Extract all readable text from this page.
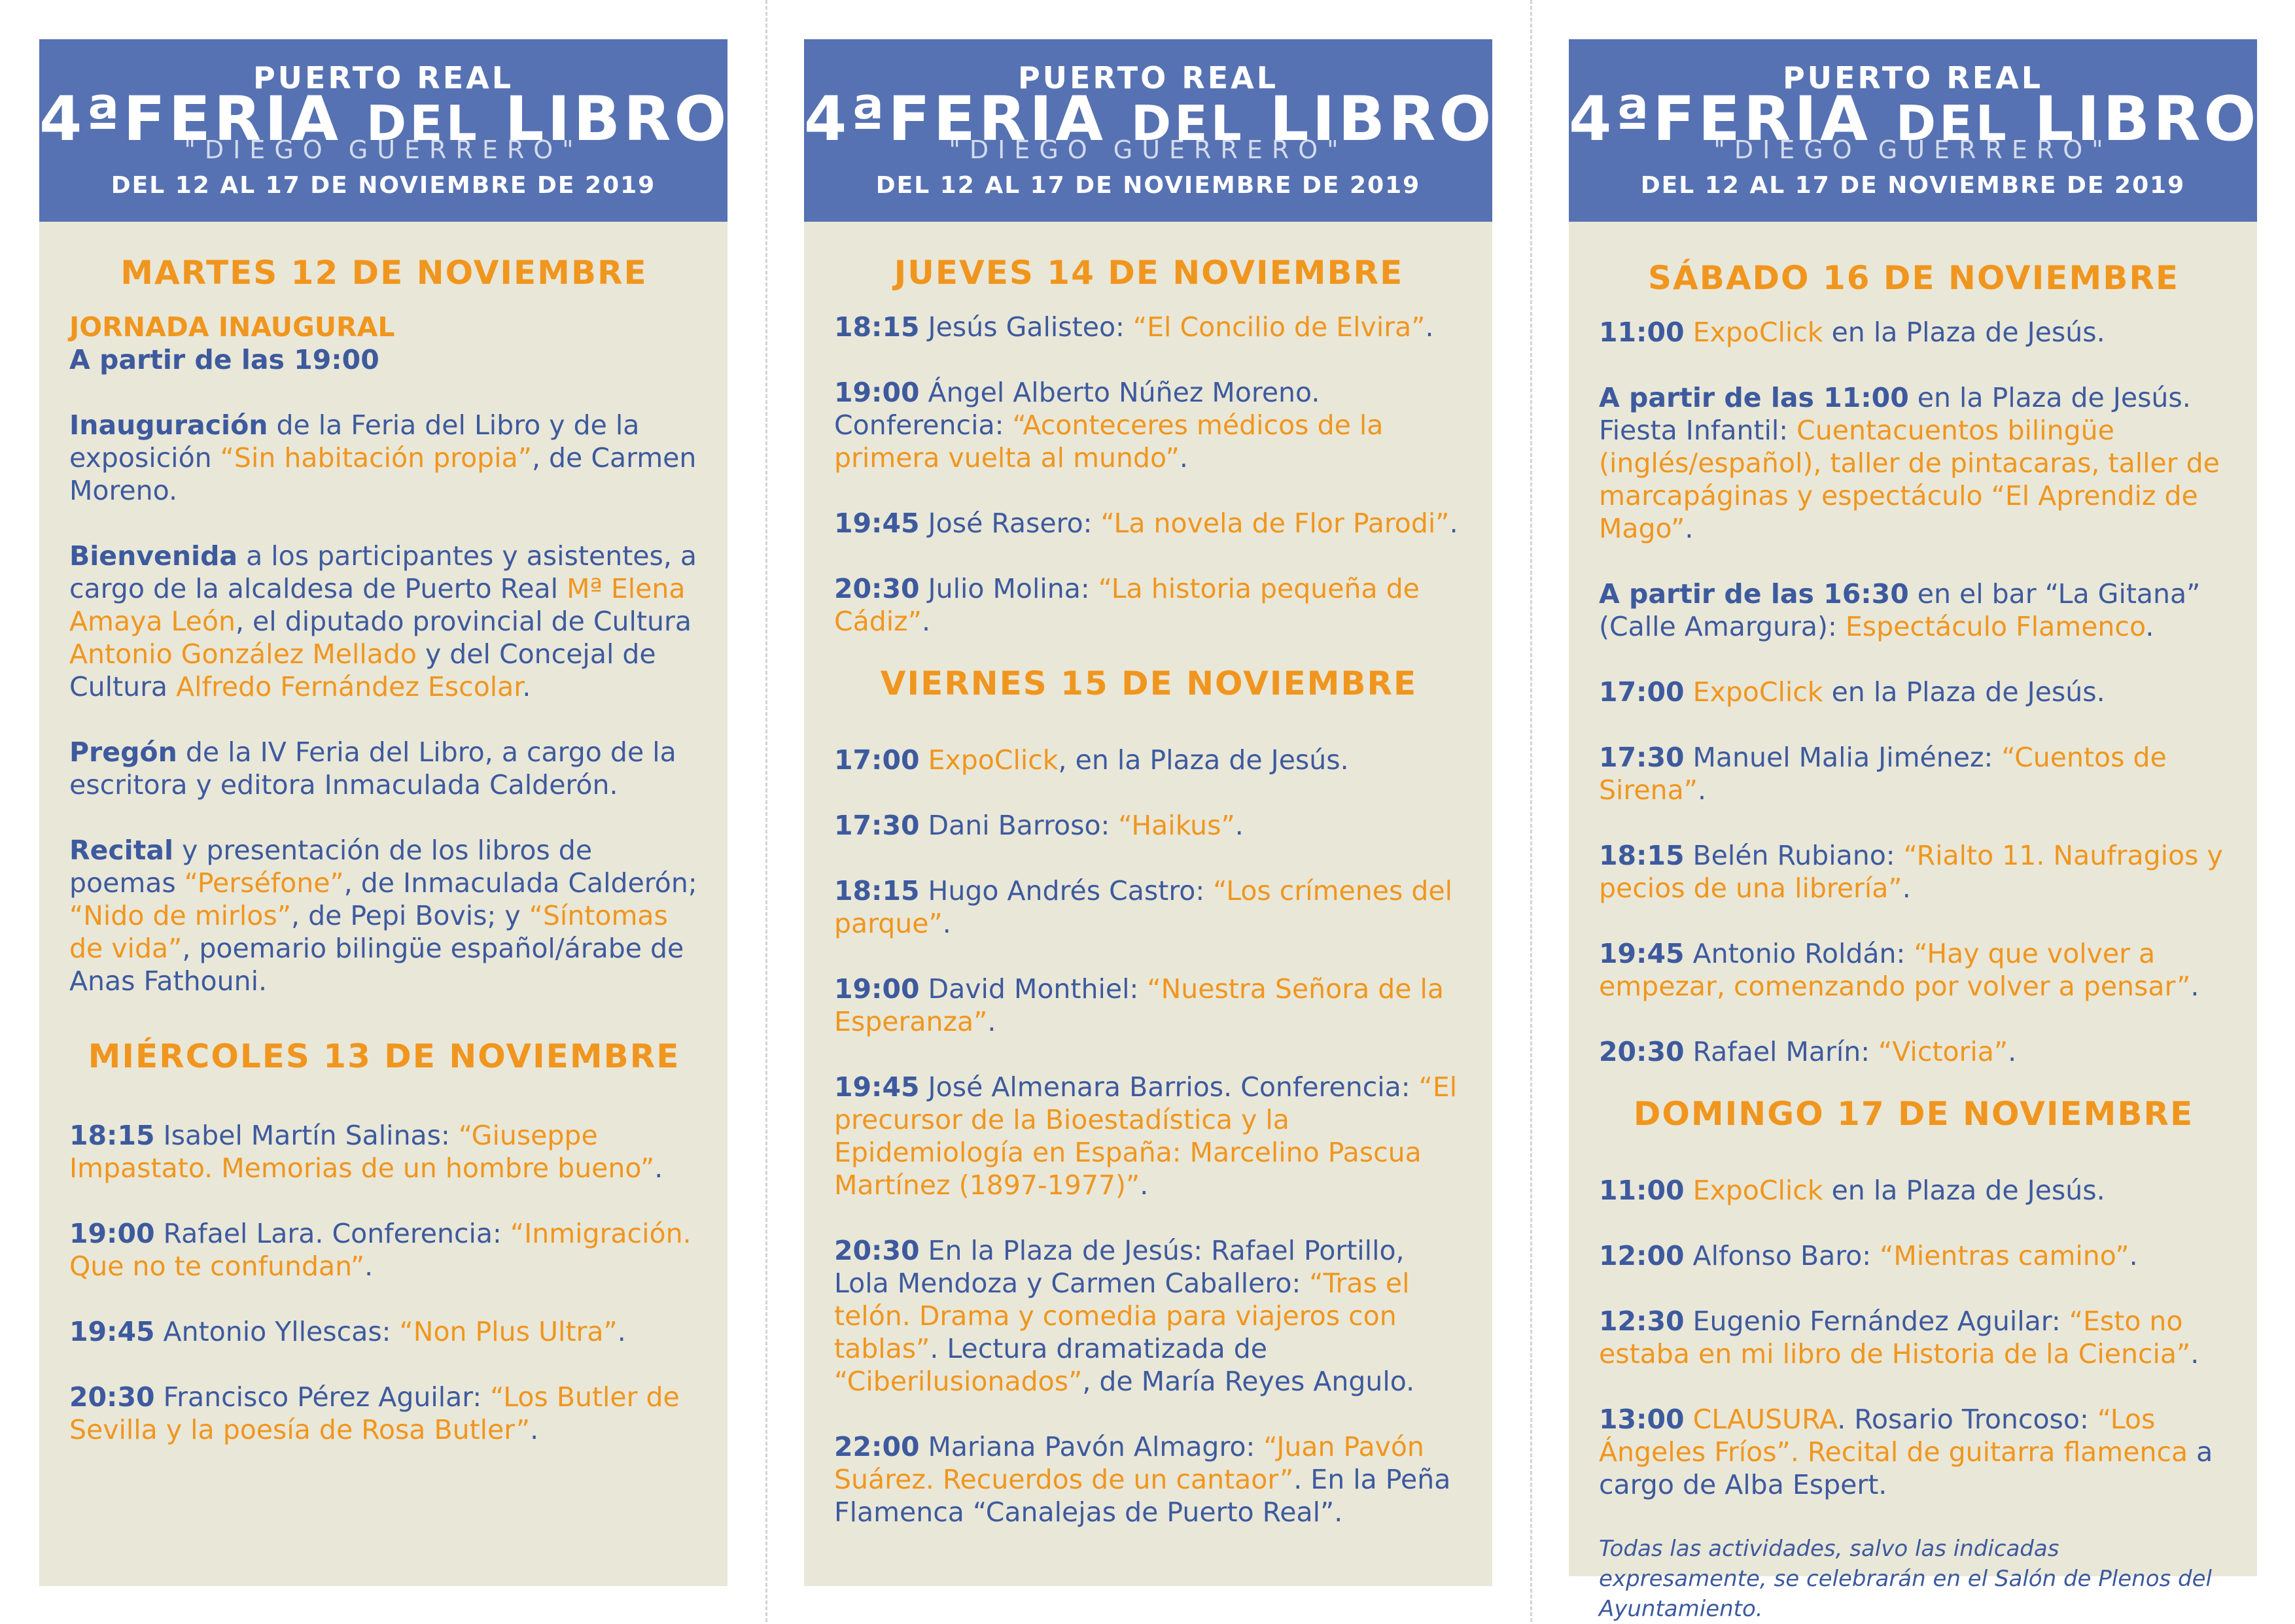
PUERTO REAL
4ªFERIA DEL LIBRO
"DIEGO GUERRERO"
DEL 12 AL 17 DE NOVIEMBRE DE 2019
MARTES 12 DE NOVIEMBRE

JORNADA INAUGURAL
A partir de las 19:00

Inauguración de la Feria del Libro y de la exposición “Sin habitación propia”, de Carmen Moreno.

Bienvenida a los participantes y asistentes, a cargo de la alcaldesa de Puerto Real Mª Elena Amaya León, el diputado provincial de Cultura Antonio González Mellado y del Concejal de Cultura Alfredo Fernández Escolar.

Pregón de la IV Feria del Libro, a cargo de la escritora y editora Inmaculada Calderón.

Recital y presentación de los libros de poemas “Perséfone”, de Inmaculada Calderón; “Nido de mirlos”, de Pepi Bovis; y “Síntomas de vida”, poemario bilingüe español/árabe de Anas Fathouni.

MIÉRCOLES 13 DE NOVIEMBRE

18:15 Isabel Martín Salinas: “Giuseppe Impastato. Memorias de un hombre bueno”.

19:00 Rafael Lara. Conferencia: “Inmigración. Que no te confundan”.

19:45 Antonio Yllescas: “Non Plus Ultra”.

20:30 Francisco Pérez Aguilar: “Los Butler de Sevilla y la poesía de Rosa Butler”.

PUERTO REAL
4ªFERIA DEL LIBRO
"DIEGO GUERRERO"
DEL 12 AL 17 DE NOVIEMBRE DE 2019
JUEVES 14 DE NOVIEMBRE

18:15 Jesús Galisteo: “El Concilio de Elvira”.

19:00 Ángel Alberto Núñez Moreno. Conferencia: “Aconteceres médicos de la primera vuelta al mundo”.

19:45 José Rasero: “La novela de Flor Parodi”.

20:30 Julio Molina: “La historia pequeña de Cádiz”.

VIERNES 15 DE NOVIEMBRE

17:00 ExpoClick, en la Plaza de Jesús.

17:30 Dani Barroso: “Haikus”.

18:15 Hugo Andrés Castro: “Los crímenes del parque”.

19:00 David Monthiel: “Nuestra Señora de la Esperanza”.

19:45 José Almenara Barrios. Conferencia: “El precursor de la Bioestadística y la Epidemiología en España: Marcelino Pascua Martínez (1897-1977)”.

20:30 En la Plaza de Jesús: Rafael Portillo, Lola Mendoza y Carmen Caballero: “Tras el telón. Drama y comedia para viajeros con tablas”. Lectura dramatizada de “Ciberilusionados”, de María Reyes Angulo.

22:00 Mariana Pavón Almagro: “Juan Pavón Suárez. Recuerdos de un cantaor”. En la Peña Flamenca “Canalejas de Puerto Real”.

PUERTO REAL
4ªFERIA DEL LIBRO
"DIEGO GUERRERO"
DEL 12 AL 17 DE NOVIEMBRE DE 2019
SÁBADO 16 DE NOVIEMBRE

11:00 ExpoClick en la Plaza de Jesús.

A partir de las 11:00 en la Plaza de Jesús. Fiesta Infantil: Cuentacuentos bilingüe (inglés/español), taller de pintacaras, taller de marcapáginas y espectáculo “El Aprendiz de Mago”.

A partir de las 16:30 en el bar “La Gitana” (Calle Amargura): Espectáculo Flamenco.

17:00 ExpoClick en la Plaza de Jesús.

17:30 Manuel Malia Jiménez: “Cuentos de Sirena”.

18:15 Belén Rubiano: “Rialto 11. Naufragios y pecios de una librería”.

19:45 Antonio Roldán: “Hay que volver a empezar, comenzando por volver a pensar”.

20:30 Rafael Marín: “Victoria”.

DOMINGO 17 DE NOVIEMBRE

11:00 ExpoClick en la Plaza de Jesús.

12:00 Alfonso Baro: “Mientras camino”.

12:30 Eugenio Fernández Aguilar: “Esto no estaba en mi libro de Historia de la Ciencia”.

13:00 CLAUSURA. Rosario Troncoso: “Los Ángeles Fríos”. Recital de guitarra flamenca a cargo de Alba Espert.

Todas las actividades, salvo las indicadas expresamente, se celebrarán en el Salón de Plenos del Ayuntamiento.
